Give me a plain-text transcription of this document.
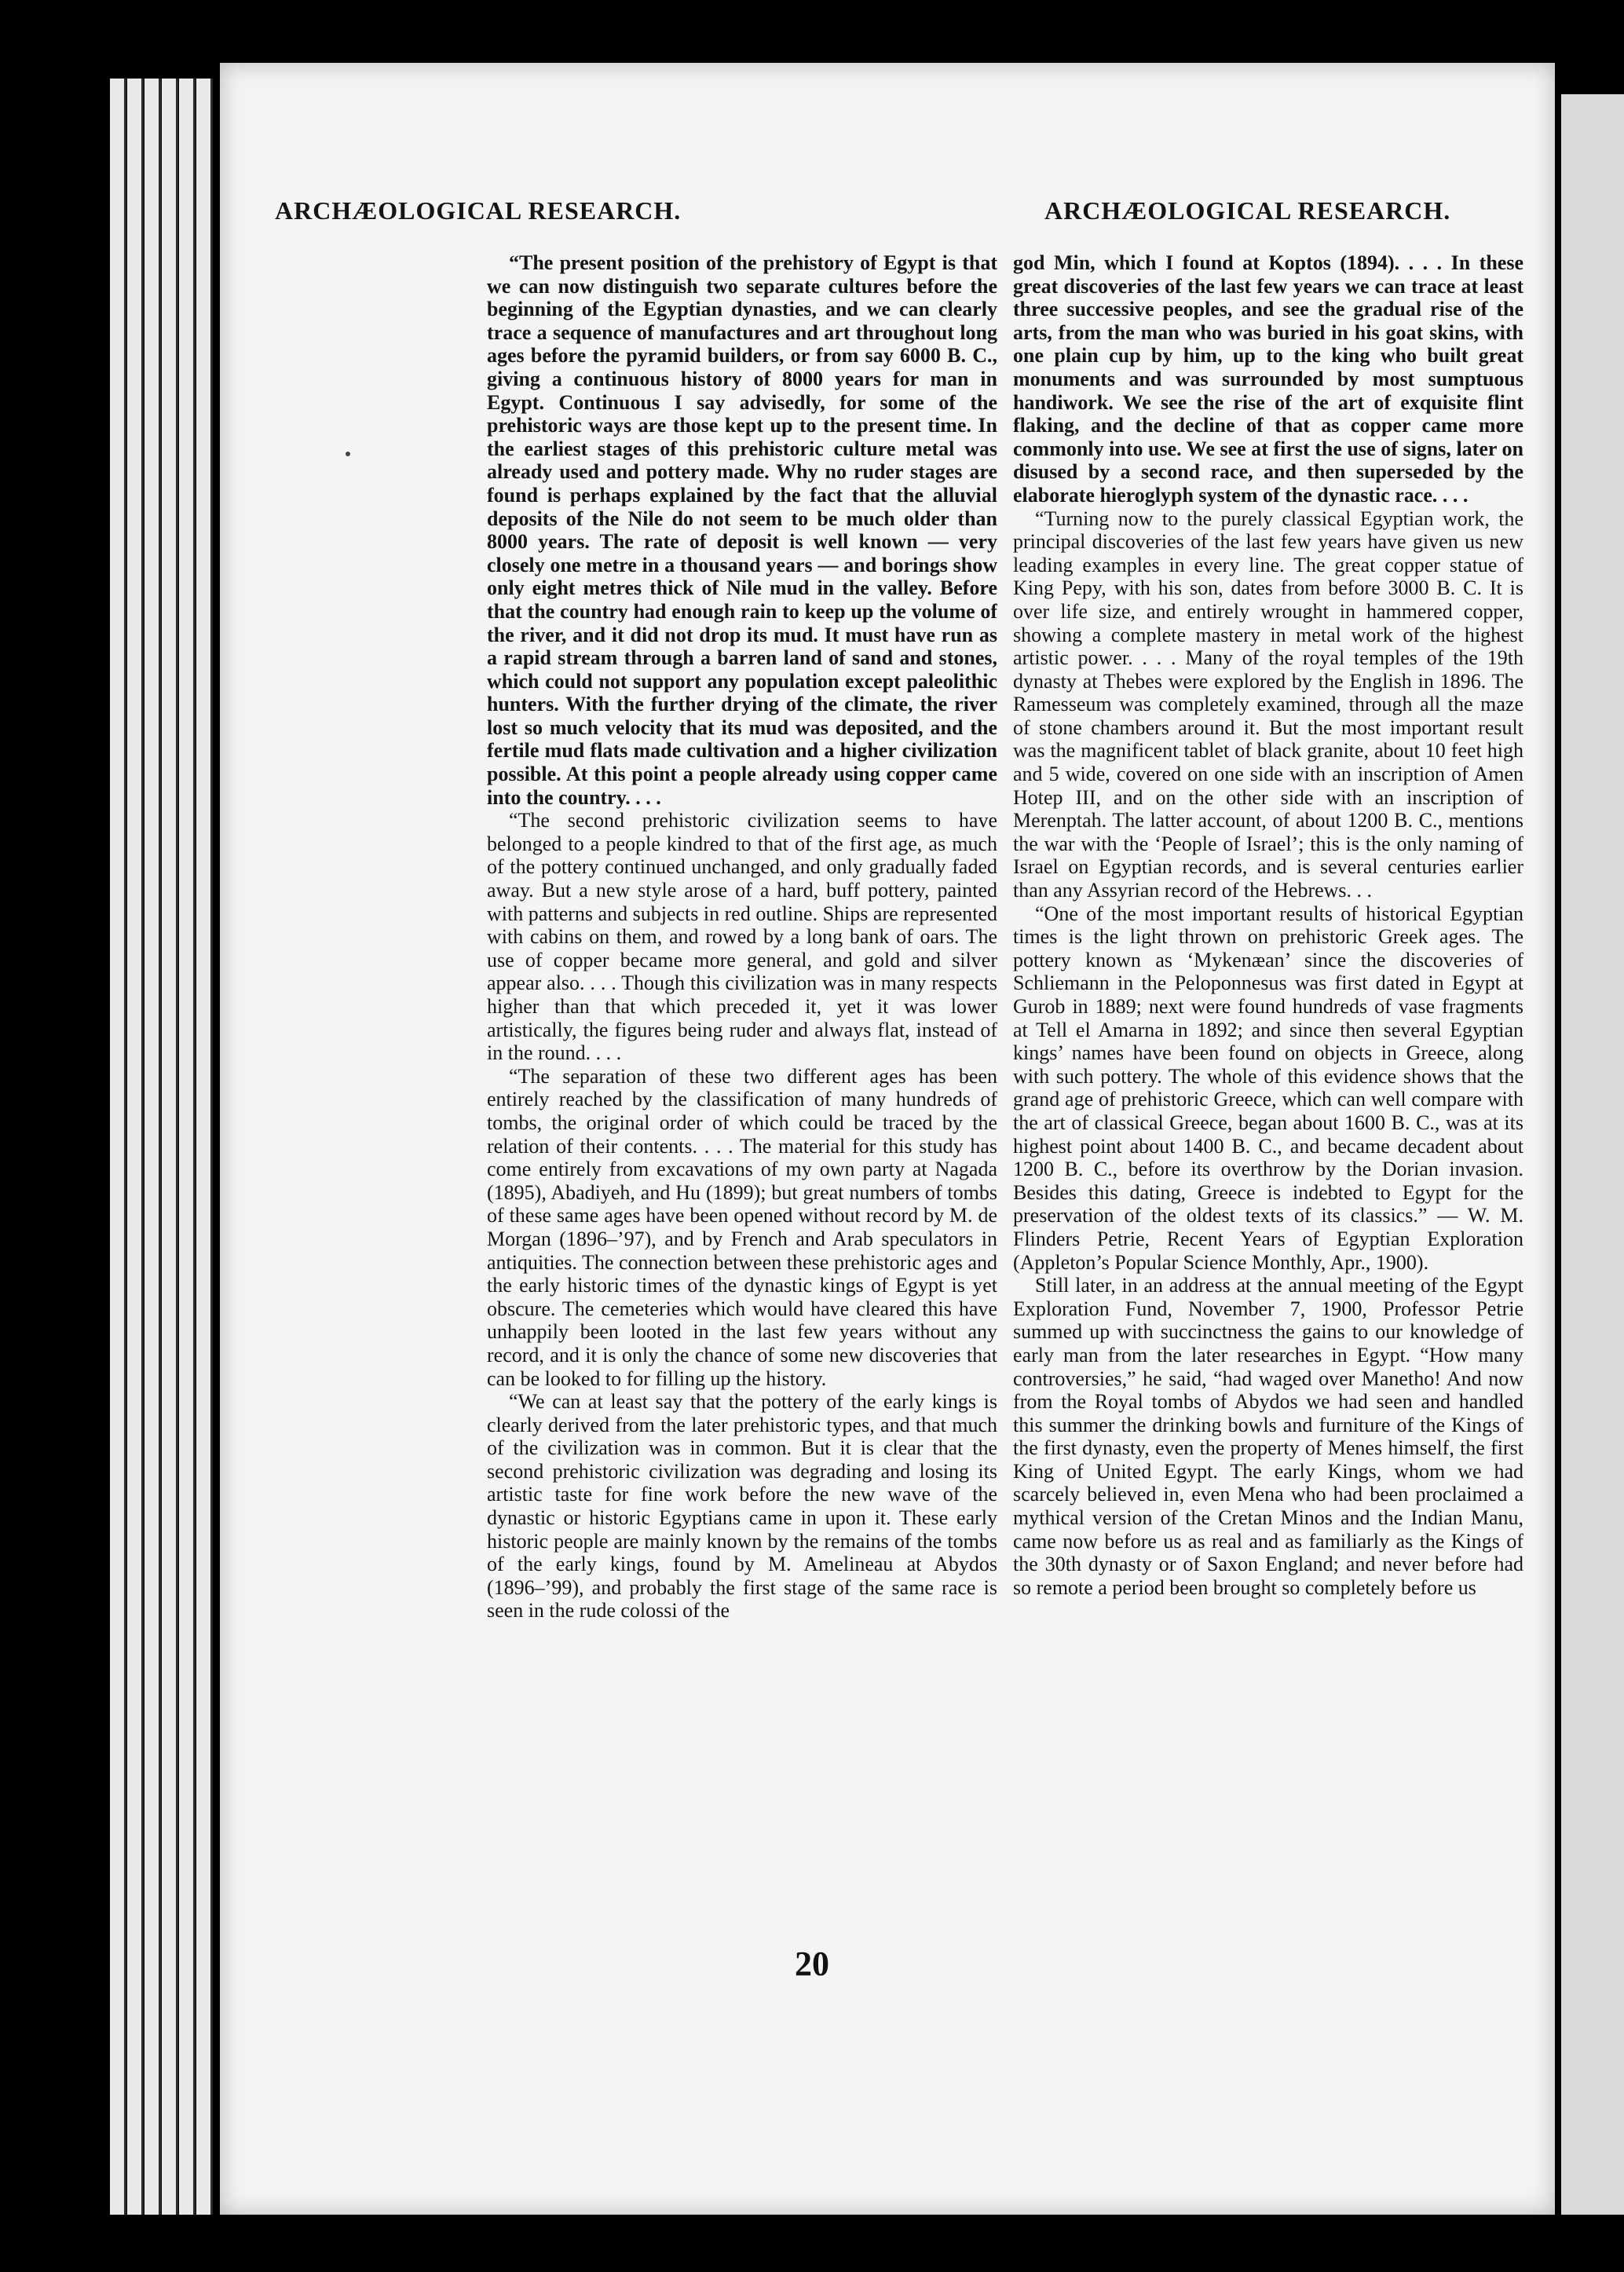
ARCHÆOLOGICAL RESEARCH.	ARCHÆOLOGICAL RESEARCH.

“The present position of the prehistory of Egypt is that we can now distinguish two separate cultures before the beginning of the Egyptian dynasties, and we can clearly trace a sequence of manufactures and art throughout long ages before the pyramid builders, or from say 6000 B. C., giving a continuous history of 8000 years for man in Egypt. Continuous I say advisedly, for some of the prehistoric ways are those kept up to the present time. In the earliest stages of this prehistoric culture metal was already used and pottery made. Why no ruder stages are found is perhaps explained by the fact that the alluvial deposits of the Nile do not seem to be much older than 8000 years. The rate of deposit is well known — very closely one metre in a thousand years — and borings show only eight metres thick of Nile mud in the valley. Before that the country had enough rain to keep up the volume of the river, and it did not drop its mud. It must have run as a rapid stream through a barren land of sand and stones, which could not support any population except paleolithic hunters. With the further drying of the climate, the river lost so much velocity that its mud was deposited, and the fertile mud flats made cultivation and a higher civilization possible. At this point a people already using copper came into the country. . . .

“The second prehistoric civilization seems to have belonged to a people kindred to that of the first age, as much of the pottery continued unchanged, and only gradually faded away. But a new style arose of a hard, buff pottery, painted with patterns and subjects in red outline. Ships are represented with cabins on them, and rowed by a long bank of oars. The use of copper became more general, and gold and silver appear also. . . . Though this civilization was in many respects higher than that which preceded it, yet it was lower artistically, the figures being ruder and always flat, instead of in the round. . . .

“The separation of these two different ages has been entirely reached by the classification of many hundreds of tombs, the original order of which could be traced by the relation of their contents. . . . The material for this study has come entirely from excavations of my own party at Nagada (1895), Abadiyeh, and Hu (1899); but great numbers of tombs of these same ages have been opened without record by M. de Morgan (1896–’97), and by French and Arab speculators in antiquities. The connection between these prehistoric ages and the early historic times of the dynastic kings of Egypt is yet obscure. The cemeteries which would have cleared this have unhappily been looted in the last few years without any record, and it is only the chance of some new discoveries that can be looked to for filling up the history.

“We can at least say that the pottery of the early kings is clearly derived from the later prehistoric types, and that much of the civilization was in common. But it is clear that the second prehistoric civilization was degrading and losing its artistic taste for fine work before the new wave of the dynastic or historic Egyptians came in upon it. These early historic people are mainly known by the remains of the tombs of the early kings, found by M. Amelineau at Abydos (1896–’99), and probably the first stage of the same race is seen in the rude colossi of the

god Min, which I found at Koptos (1894). . . . In these great discoveries of the last few years we can trace at least three successive peoples, and see the gradual rise of the arts, from the man who was buried in his goat skins, with one plain cup by him, up to the king who built great monuments and was surrounded by most sumptuous handiwork. We see the rise of the art of exquisite flint flaking, and the decline of that as copper came more commonly into use. We see at first the use of signs, later on disused by a second race, and then superseded by the elaborate hieroglyph system of the dynastic race. . . .

“Turning now to the purely classical Egyptian work, the principal discoveries of the last few years have given us new leading examples in every line. The great copper statue of King Pepy, with his son, dates from before 3000 B. C. It is over life size, and entirely wrought in hammered copper, showing a complete mastery in metal work of the highest artistic power. . . . Many of the royal temples of the 19th dynasty at Thebes were explored by the English in 1896. The Ramesseum was completely examined, through all the maze of stone chambers around it. But the most important result was the magnificent tablet of black granite, about 10 feet high and 5 wide, covered on one side with an inscription of Amen Hotep III, and on the other side with an inscription of Merenptah. The latter account, of about 1200 B. C., mentions the war with the ‘People of Israel’; this is the only naming of Israel on Egyptian records, and is several centuries earlier than any Assyrian record of the Hebrews. . .

“One of the most important results of historical Egyptian times is the light thrown on prehistoric Greek ages. The pottery known as ‘Mykenæan’ since the discoveries of Schliemann in the Peloponnesus was first dated in Egypt at Gurob in 1889; next were found hundreds of vase fragments at Tell el Amarna in 1892; and since then several Egyptian kings’ names have been found on objects in Greece, along with such pottery. The whole of this evidence shows that the grand age of prehistoric Greece, which can well compare with the art of classical Greece, began about 1600 B. C., was at its highest point about 1400 B. C., and became decadent about 1200 B. C., before its overthrow by the Dorian invasion. Besides this dating, Greece is indebted to Egypt for the preservation of the oldest texts of its classics.” — W. M. Flinders Petrie, Recent Years of Egyptian Exploration (Appleton’s Popular Science Monthly, Apr., 1900).

Still later, in an address at the annual meeting of the Egypt Exploration Fund, November 7, 1900, Professor Petrie summed up with succinctness the gains to our knowledge of early man from the later researches in Egypt. “How many controversies,” he said, “had waged over Manetho! And now from the Royal tombs of Abydos we had seen and handled this summer the drinking bowls and furniture of the Kings of the first dynasty, even the property of Menes himself, the first King of United Egypt. The early Kings, whom we had scarcely believed in, even Mena who had been proclaimed a mythical version of the Cretan Minos and the Indian Manu, came now before us as real and as familiarly as the Kings of the 30th dynasty or of Saxon England; and never before had so remote a period been brought so completely before us

20
